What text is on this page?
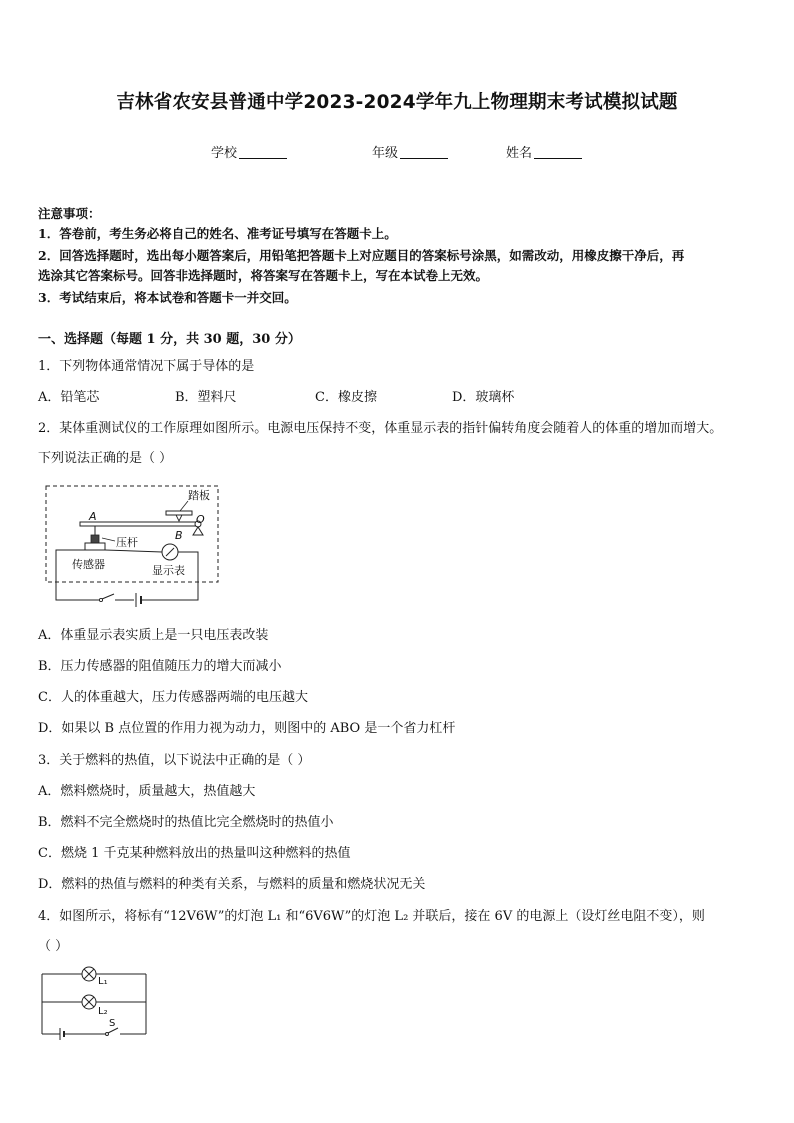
吉林省农安县普通中学2023-2024学年九上物理期末考试模拟试题
学校	年级	姓名
注意事项：
1．答卷前，考生务必将自己的姓名、准考证号填写在答题卡上。
2．回答选择题时，选出每小题答案后，用铅笔把答题卡上对应题目的答案标号涂黑，如需改动，用橡皮擦干净后，再
选涂其它答案标号。回答非选择题时，将答案写在答题卡上，写在本试卷上无效。
3．考试结束后，将本试卷和答题卡一并交回。
一、选择题（每题 1 分，共 30 题，30 分）
1．下列物体通常情况下属于导体的是
A．铅笔芯	B．塑料尺	C．橡皮擦	D．玻璃杯
2．某体重测试仪的工作原理如图所示。电源电压保持不变，体重显示表的指针偏转角度会随着人的体重的增加而增大。
下列说法正确的是（ ）
踏板
O
A
B
压杆
传感器	显示表
A．体重显示表实质上是一只电压表改装
B．压力传感器的阻值随压力的增大而减小
C．人的体重越大，压力传感器两端的电压越大
D．如果以 B 点位置的作用力视为动力，则图中的 ABO 是一个省力杠杆
3．关于燃料的热值，以下说法中正确的是（ ）
A．燃料燃烧时，质量越大，热值越大
B．燃料不完全燃烧时的热值比完全燃烧时的热值小
C．燃烧 1 千克某种燃料放出的热量叫这种燃料的热值
D．燃料的热值与燃料的种类有关系，与燃料的质量和燃烧状况无关
4．如图所示，将标有“12V6W”的灯泡 L₁ 和“6V6W”的灯泡 L₂ 并联后，接在 6V 的电源上（设灯丝电阻不变），则
（ ）
L₁
L₂
S
